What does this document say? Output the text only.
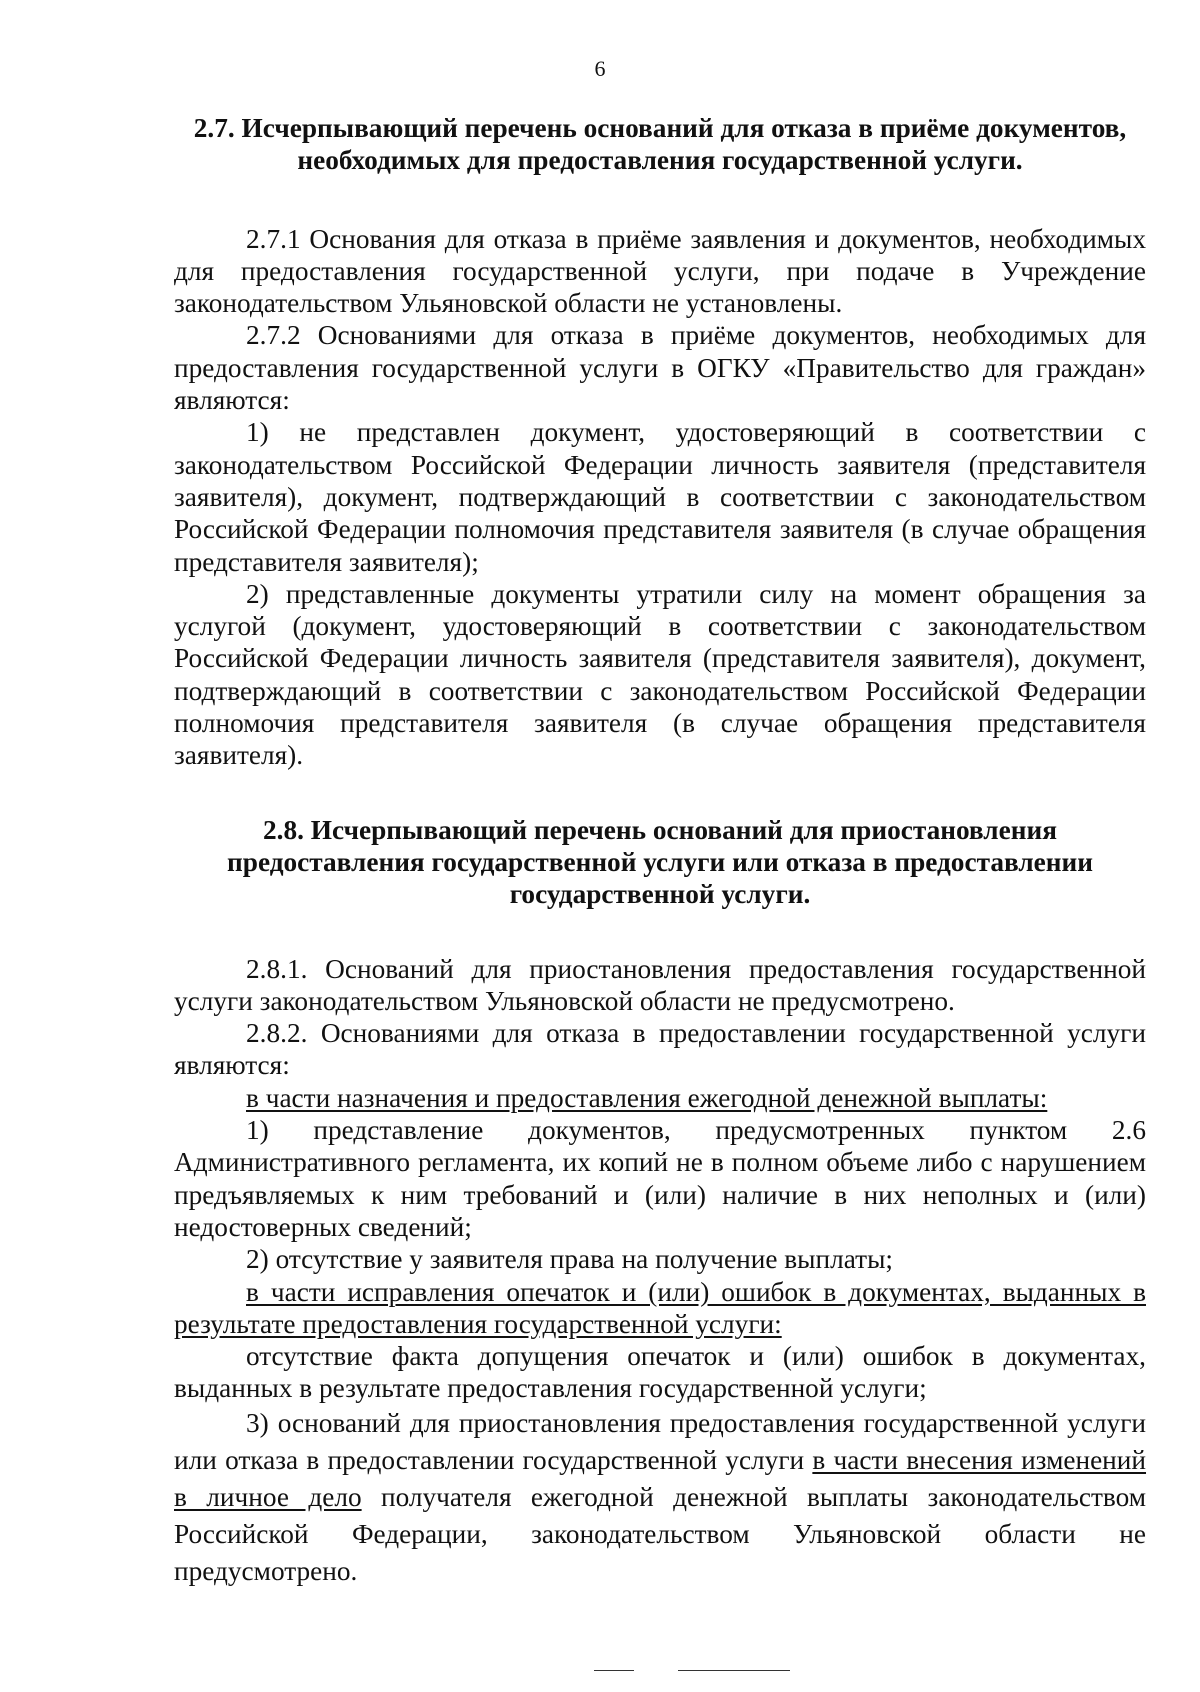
6

2.7. Исчерпывающий перечень оснований для отказа в приёме документов, необходимых для предоставления государственной услуги.

2.7.1 Основания для отказа в приёме заявления и документов, необходимых для предоставления государственной услуги, при подаче в Учреждение законодательством Ульяновской области не установлены.

2.7.2 Основаниями для отказа в приёме документов, необходимых для предоставления государственной услуги в ОГКУ «Правительство для граждан» являются:

1) не представлен документ, удостоверяющий в соответствии с законодательством Российской Федерации личность заявителя (представителя заявителя), документ, подтверждающий в соответствии с законодательством Российской Федерации полномочия представителя заявителя (в случае обращения представителя заявителя);

2) представленные документы утратили силу на момент обращения за услугой (документ, удостоверяющий в соответствии с законодательством Российской Федерации личность заявителя (представителя заявителя), документ, подтверждающий в соответствии с законодательством Российской Федерации полномочия представителя заявителя (в случае обращения представителя заявителя).

2.8. Исчерпывающий перечень оснований для приостановления предоставления государственной услуги или отказа в предоставлении государственной услуги.

2.8.1. Оснований для приостановления предоставления государственной услуги законодательством Ульяновской области не предусмотрено.

2.8.2. Основаниями для отказа в предоставлении государственной услуги являются:

в части назначения и предоставления ежегодной денежной выплаты:

1) представление документов, предусмотренных пунктом 2.6 Административного регламента, их копий не в полном объеме либо с нарушением предъявляемых к ним требований и (или) наличие в них неполных и (или) недостоверных сведений;

2) отсутствие у заявителя права на получение выплаты;

в части исправления опечаток и (или) ошибок в документах, выданных в результате предоставления государственной услуги:

отсутствие факта допущения опечаток и (или) ошибок в документах, выданных в результате предоставления государственной услуги;

3) оснований для приостановления предоставления государственной услуги или отказа в предоставлении государственной услуги в части внесения изменений в личное дело получателя ежегодной денежной выплаты законодательством Российской Федерации, законодательством Ульяновской области не предусмотрено.
